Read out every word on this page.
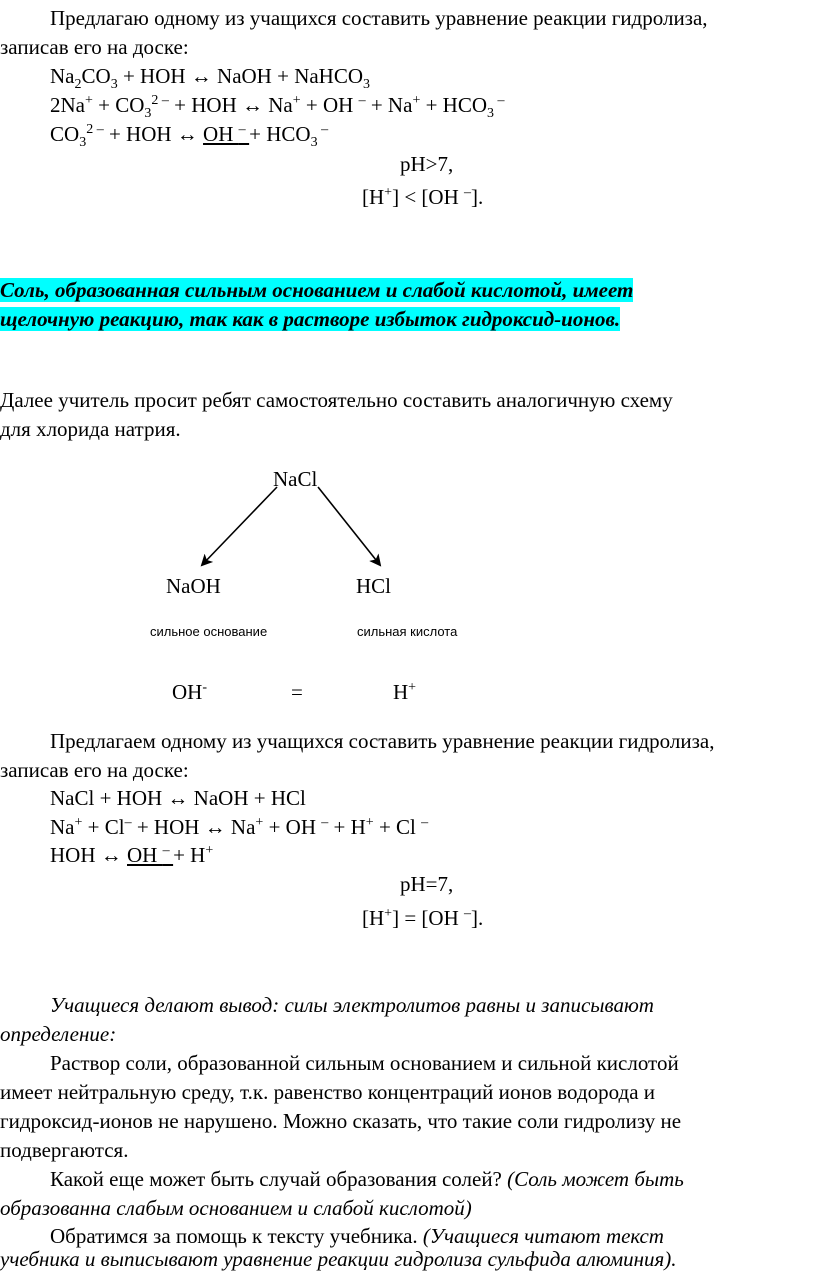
Предлагаю одному из учащихся составить уравнение реакции гидролиза,
записав его на доске:
$Na_2CO_3$ + HOH ↔ NaOH + NaHCO$_3$
$2Na^+ + CO_3^{2 -}$ + HOH ↔ Na+ + OH $^- + Na^+ + HCO_3$ –
$CO_3^{2 -}$ + HOH ↔ OH $^- + HCO_3$ –
pH>7,
[H+] < [OH –].
Соль, образованная сильным основанием и слабой кислотой, имеет
щелочную реакцию, так как в растворе избыток гидроксид-ионов.
Далее учитель просит ребят самостоятельно составить аналогичную схему
для хлорида натрия.
NaCl
NaOH	HCl
сильное основание	сильная кислота
OH-	=	H+
Предлагаем одному из учащихся составить уравнение реакции гидролиза,
записав его на доске:
NaCl + HOH ↔ NaOH + HCl
Na+ + Cl– + HOH ↔ Na+ + OH – + H+ + Cl –
HOH ↔ OH – + H+
pH=7,
[H+] = [OH –].
Учащиеся делают вывод: силы электролитов равны и записывают
определение:
Раствор соли, образованной сильным основанием и сильной кислотой
имеет нейтральную среду, т.к. равенство концентраций ионов водорода и
гидроксид-ионов не нарушено. Можно сказать, что такие соли гидролизу не
подвергаются.
Какой еще может быть случай образования солей? (Соль может быть
образованна слабым основанием и слабой кислотой)
Обратимся за помощь к тексту учебника. (Учащиеся читают текст
учебника и выписывают уравнение реакции гидролиза сульфида алюминия).
